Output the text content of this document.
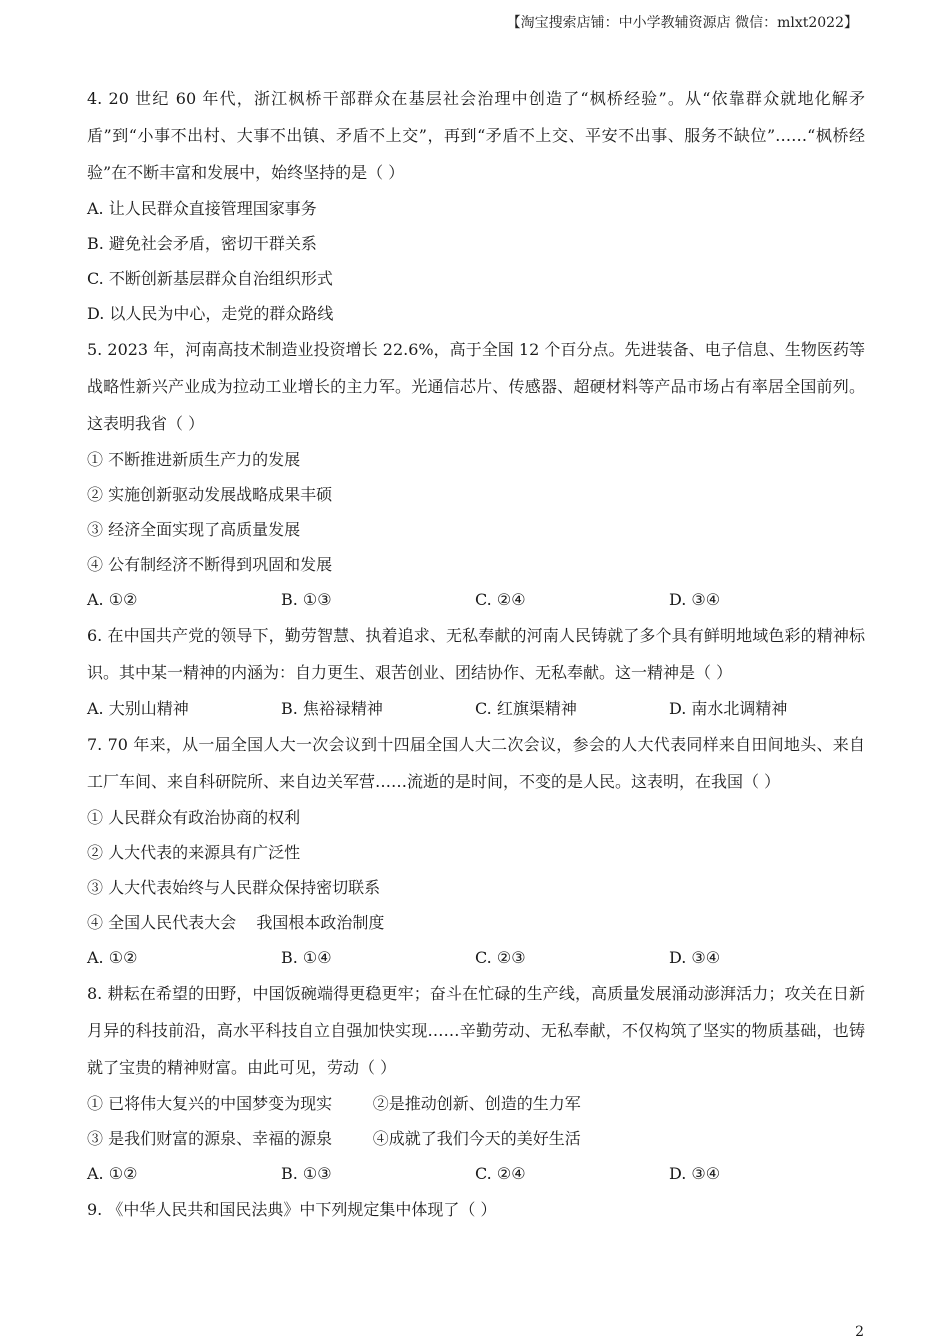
【淘宝搜索店铺：中小学教辅资源店 微信：mlxt2022】

4. 20 世纪 60 年代，浙江枫桥干部群众在基层社会治理中创造了“枫桥经验”。从“依靠群众就地化解矛盾”到“小事不出村、大事不出镇、矛盾不上交”，再到“矛盾不上交、平安不出事、服务不缺位”……“枫桥经验”在不断丰富和发展中，始终坚持的是（ ）

A. 让人民群众直接管理国家事务

B. 避免社会矛盾，密切干群关系

C. 不断创新基层群众自治组织形式

D. 以人民为中心，走党的群众路线

5. 2023 年，河南高技术制造业投资增长 22.6%，高于全国 12 个百分点。先进装备、电子信息、生物医药等战略性新兴产业成为拉动工业增长的主力军。光通信芯片、传感器、超硬材料等产品市场占有率居全国前列。这表明我省（ ）

① 不断推进新质生产力的发展

② 实施创新驱动发展战略成果丰硕

③ 经济全面实现了高质量发展

④ 公有制经济不断得到巩固和发展

A. ①②	B. ①③	C. ②④	D. ③④

6. 在中国共产党的领导下，勤劳智慧、执着追求、无私奉献的河南人民铸就了多个具有鲜明地域色彩的精神标识。其中某一精神的内涵为：自力更生、艰苦创业、团结协作、无私奉献。这一精神是（ ）

A. 大别山精神	B. 焦裕禄精神	C. 红旗渠精神	D. 南水北调精神

7. 70 年来，从一届全国人大一次会议到十四届全国人大二次会议，参会的人大代表同样来自田间地头、来自工厂车间、来自科研院所、来自边关军营……流逝的是时间，不变的是人民。这表明，在我国（ ）

① 人民群众有政治协商的权利

② 人大代表的来源具有广泛性

③ 人大代表始终与人民群众保持密切联系

④ 全国人民代表大会    我国根本政治制度

A. ①②	B. ①④	C. ②③	D. ③④

8. 耕耘在希望的田野，中国饭碗端得更稳更牢；奋斗在忙碌的生产线，高质量发展涌动澎湃活力；攻关在日新月异的科技前沿，高水平科技自立自强加快实现……辛勤劳动、无私奉献，不仅构筑了坚实的物质基础，也铸就了宝贵的精神财富。由此可见，劳动（ ）

① 已将伟大复兴的中国梦变为现实        ②是推动创新、创造的生力军

③ 是我们财富的源泉、幸福的源泉        ④成就了我们今天的美好生活

A. ①②	B. ①③	C. ②④	D. ③④

9. 《中华人民共和国民法典》中下列规定集中体现了（ ）

2
